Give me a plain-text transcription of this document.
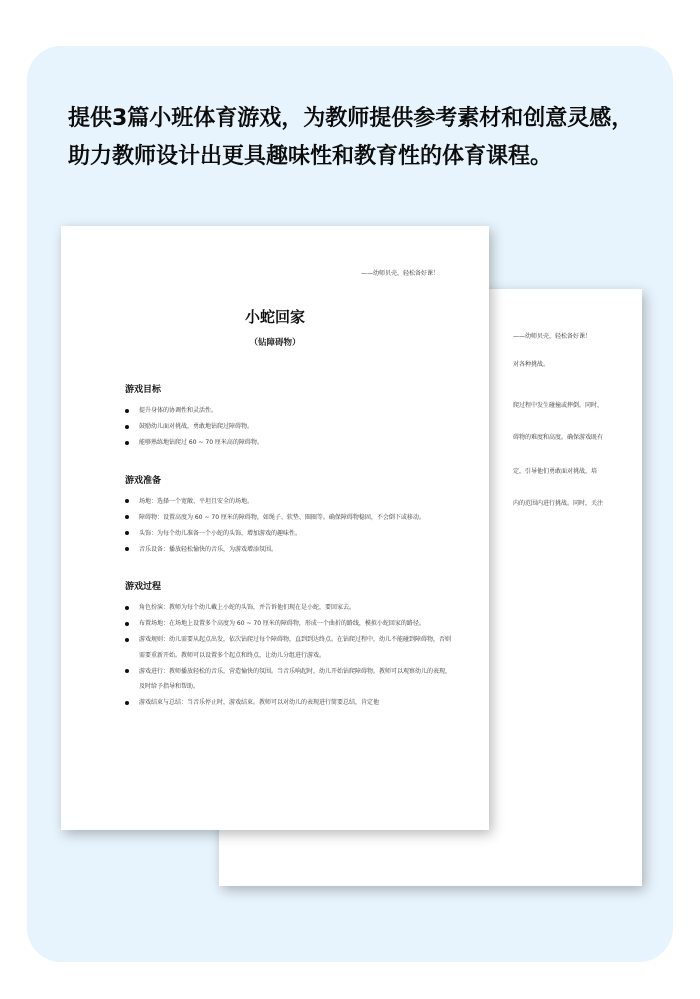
提供3篇小班体育游戏，为教师提供参考素材和创意灵感，
助力教师设计出更具趣味性和教育性的体育课程。
——幼师贝壳，轻松备好课！
对各种挑战。
爬过程中发生碰撞或摔倒。同时，
碍物的难度和高度。确保游戏既有
定，引导他们勇敢面对挑战，培
内的范围内进行挑战。同时，关注
——幼师贝壳，轻松备好课！
小蛇回家
（钻障碍物）
游戏目标
提升身体的协调性和灵活性。
鼓励幼儿面对挑战，勇敢地钻爬过障碍物。
能够熟练地钻爬过 60 ~ 70 厘米高的障碍物。
游戏准备
场地：选择一个宽敞、平坦且安全的场地。
障碍物：设置高度为 60 ~ 70 厘米的障碍物，如绳子、软垫、圈圈等。确保障碍物稳固，不会倒下或移动。
头饰：为每个幼儿准备一个小蛇的头饰，增加游戏的趣味性。
音乐设备：播放轻松愉快的音乐，为游戏增添氛围。
游戏过程
角色扮演：教师为每个幼儿戴上小蛇的头饰，并告诉他们现在是小蛇，要回家去。
布置场地：在场地上设置多个高度为 60 ~ 70 厘米的障碍物，形成一个曲折的路线，模拟小蛇回家的路径。
游戏规则：幼儿需要从起点出发，依次钻爬过每个障碍物，直到到达终点。在钻爬过程中，幼儿不能碰到障碍物，否则需要重新开始。教师可以设置多个起点和终点，让幼儿分组进行游戏。
游戏进行：教师播放轻松的音乐，营造愉快的氛围。当音乐响起时，幼儿开始钻爬障碍物。教师可以观察幼儿的表现，及时给予指导和帮助。
游戏结束与总结：当音乐停止时，游戏结束。教师可以对幼儿的表现进行简要总结，肯定他
